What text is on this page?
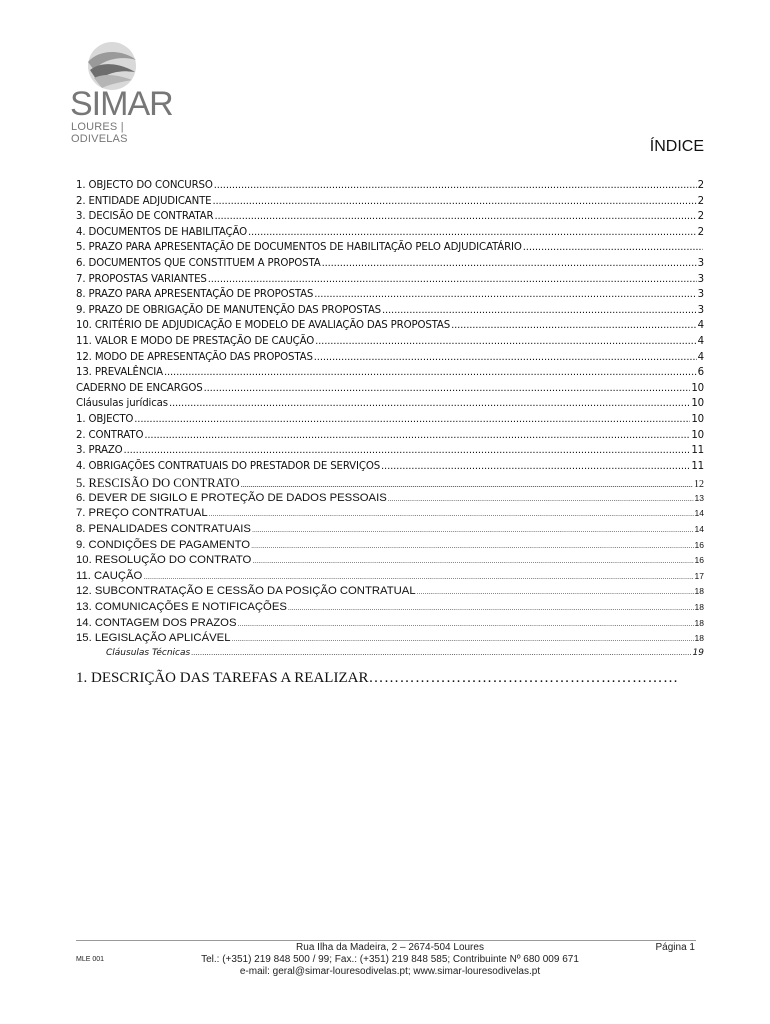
SIMAR
LOURES | ODIVELAS	ÍNDICE
1. OBJECTO DO CONCURSO .....	2
2. ENTIDADE ADJUDICANTE .....	2
3. DECISÃO DE CONTRATAR .....	2
4. DOCUMENTOS DE HABILITAÇÃO .....	2
5. PRAZO PARA APRESENTAÇÃO DE DOCUMENTOS DE HABILITAÇÃO PELO ADJUDICATÁRIO
.....
6. DOCUMENTOS QUE CONSTITUEM A PROPOSTA .....	3
7. PROPOSTAS VARIANTES .....	3
8. PRAZO PARA APRESENTAÇÃO DE PROPOSTAS .....	3
9. PRAZO DE OBRIGAÇÃO DE MANUTENÇÃO DAS PROPOSTAS .....	3
10. CRITÉRIO DE ADJUDICAÇÃO E MODELO DE AVALIAÇÃO DAS PROPOSTAS .....	4
11. VALOR E MODO DE PRESTAÇÃO DE CAUÇÃO .....	4
12. MODO DE APRESENTAÇÃO DAS PROPOSTAS .....	4
13. PREVALÊNCIA .....	6
CADERNO DE ENCARGOS .....	10
Cláusulas jurídicas .....	10
1. OBJECTO .....	10
2. CONTRATO .....	10
3. PRAZO .....	11
4. OBRIGAÇÕES CONTRATUAIS DO PRESTADOR DE SERVIÇOS .....	11
5. RESCISÃO DO CONTRATO .....	12
6. DEVER DE SIGILO E PROTEÇÃO DE DADOS PESSOAIS .....	13
7. PREÇO CONTRATUAL .....	14
8. PENALIDADES CONTRATUAIS .....	14
9. CONDIÇÕES DE PAGAMENTO .....	16
10. RESOLUÇÃO DO CONTRATO .....	16
11. CAUÇÃO .....	17
12. SUBCONTRATAÇÃO E CESSÃO DA POSIÇÃO CONTRATUAL .....	18
13. COMUNICAÇÕES E NOTIFICAÇÕES .....	18
14. CONTAGEM DOS PRAZOS .....	18
15. LEGISLAÇÃO APLICÁVEL .....	18
Cláusulas Técnicas .....	19
1. DESCRIÇÃO DAS TAREFAS A REALIZAR……………………………………………………
MLE 001
Rua Ilha da Madeira, 2 – 2674-504 Loures
Tel.: (+351) 219 848 500 / 99; Fax.: (+351) 219 848 585; Contribuinte Nº 680 009 671
e-mail: geral@simar-louresodivelas.pt; www.simar-louresodivelas.pt
Página 1
